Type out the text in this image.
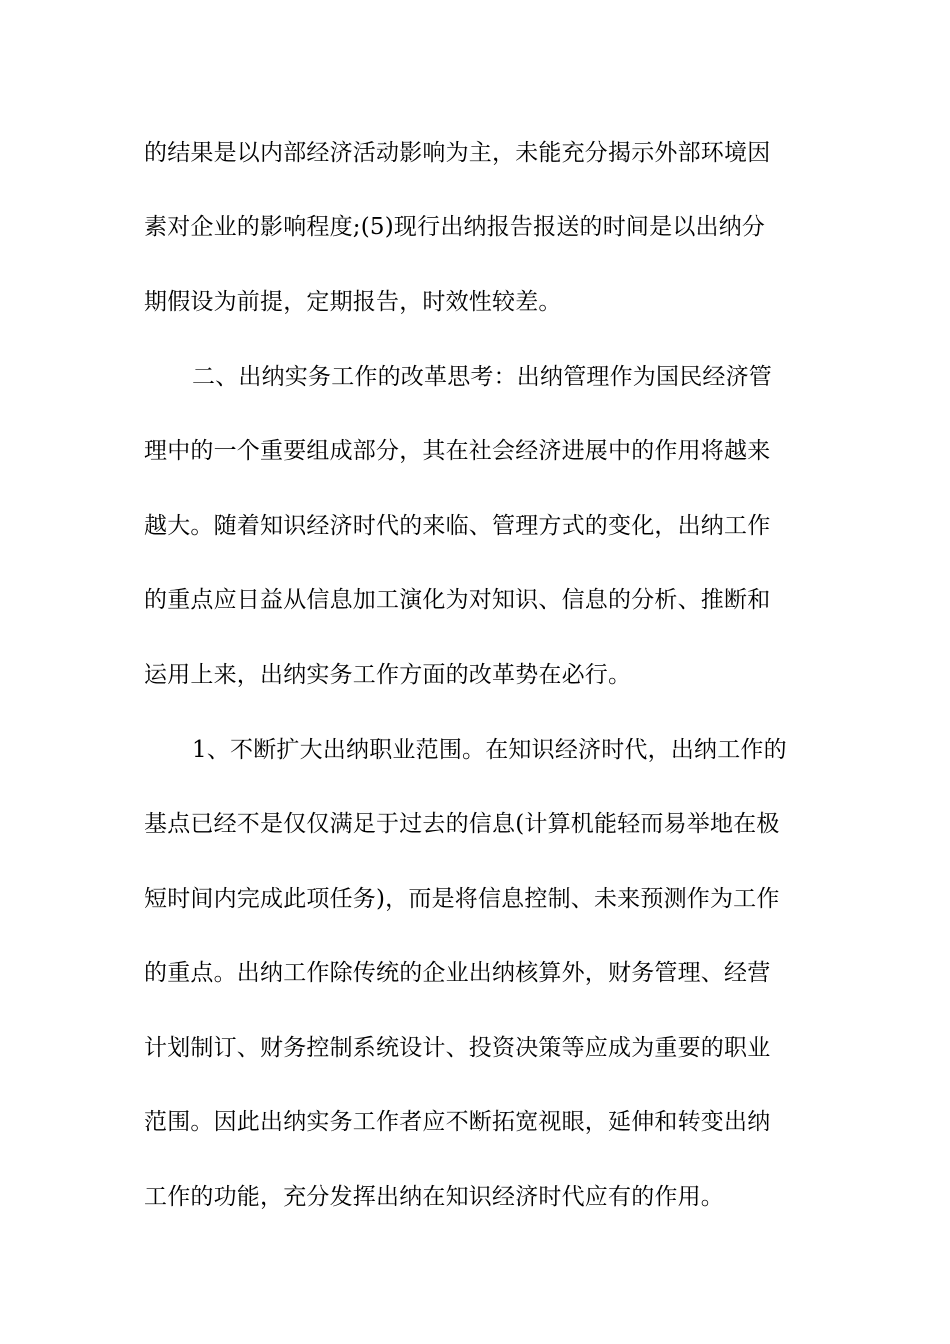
的结果是以内部经济活动影响为主，未能充分揭示外部环境因
素对企业的影响程度;(5)现行出纳报告报送的时间是以出纳分
期假设为前提，定期报告，时效性较差。
二、出纳实务工作的改革思考：出纳管理作为国民经济管
理中的一个重要组成部分，其在社会经济进展中的作用将越来
越大。随着知识经济时代的来临、管理方式的变化，出纳工作
的重点应日益从信息加工演化为对知识、信息的分析、推断和
运用上来，出纳实务工作方面的改革势在必行。
1、不断扩大出纳职业范围。在知识经济时代，出纳工作的
基点已经不是仅仅满足于过去的信息(计算机能轻而易举地在极
短时间内完成此项任务)，而是将信息控制、未来预测作为工作
的重点。出纳工作除传统的企业出纳核算外，财务管理、经营
计划制订、财务控制系统设计、投资决策等应成为重要的职业
范围。因此出纳实务工作者应不断拓宽视眼，延伸和转变出纳
工作的功能，充分发挥出纳在知识经济时代应有的作用。
